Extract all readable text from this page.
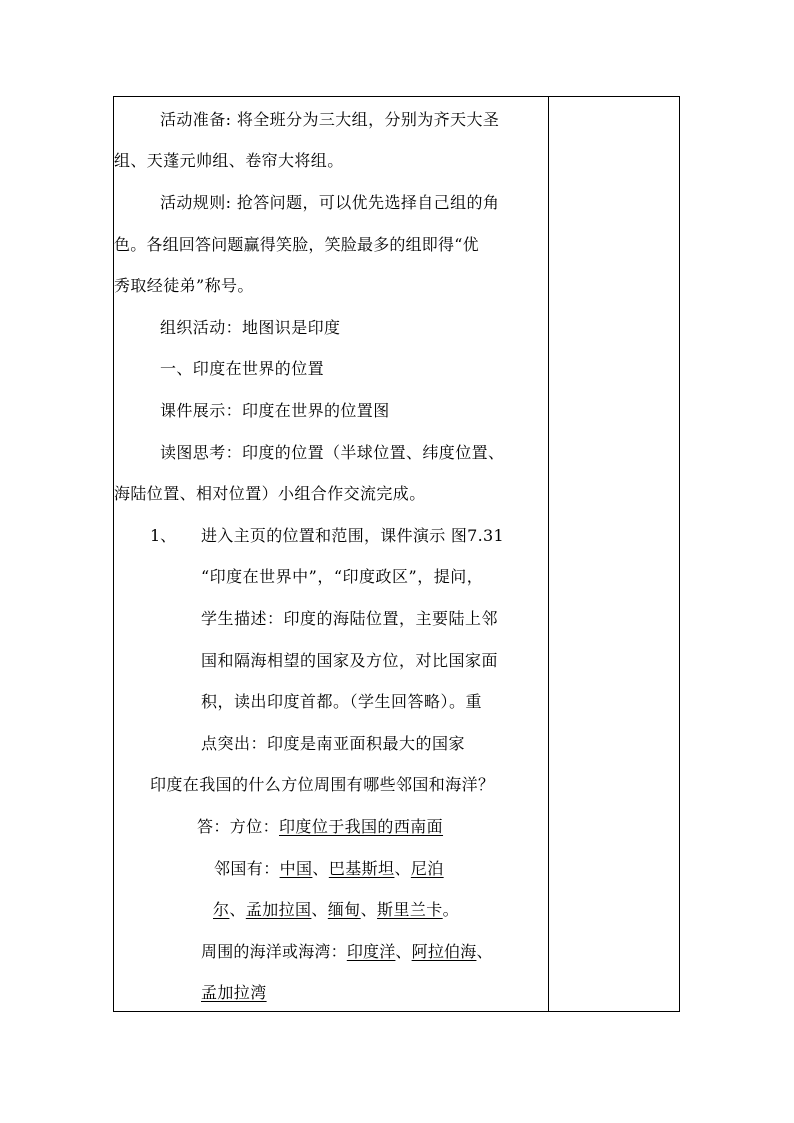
活动准备: 将全班分为三大组，分别为齐天大圣
组、天蓬元帅组、卷帘大将组。
活动规则: 抢答问题，可以优先选择自己组的角
色。各组回答问题赢得笑脸，笑脸最多的组即得“优
秀取经徒弟”称号。
组织活动：地图识是印度
一、印度在世界的位置
课件展示：印度在世界的位置图
读图思考：印度的位置（半球位置、纬度位置、
海陆位置、相对位置）小组合作交流完成。
1、 进入主页的位置和范围，课件演示 图7.31
“印度在世界中”，“印度政区”，提问，
学生描述：印度的海陆位置，主要陆上邻
国和隔海相望的国家及方位，对比国家面
积，读出印度首都。（学生回答略）。重
点突出：印度是南亚面积最大的国家
印度在我国的什么方位周围有哪些邻国和海洋？
答：方位：印度位于我国的西南面
邻国有：中国、巴基斯坦、尼泊
尔、孟加拉国、缅甸、斯里兰卡。
周围的海洋或海湾：印度洋、阿拉伯海、
孟加拉湾
